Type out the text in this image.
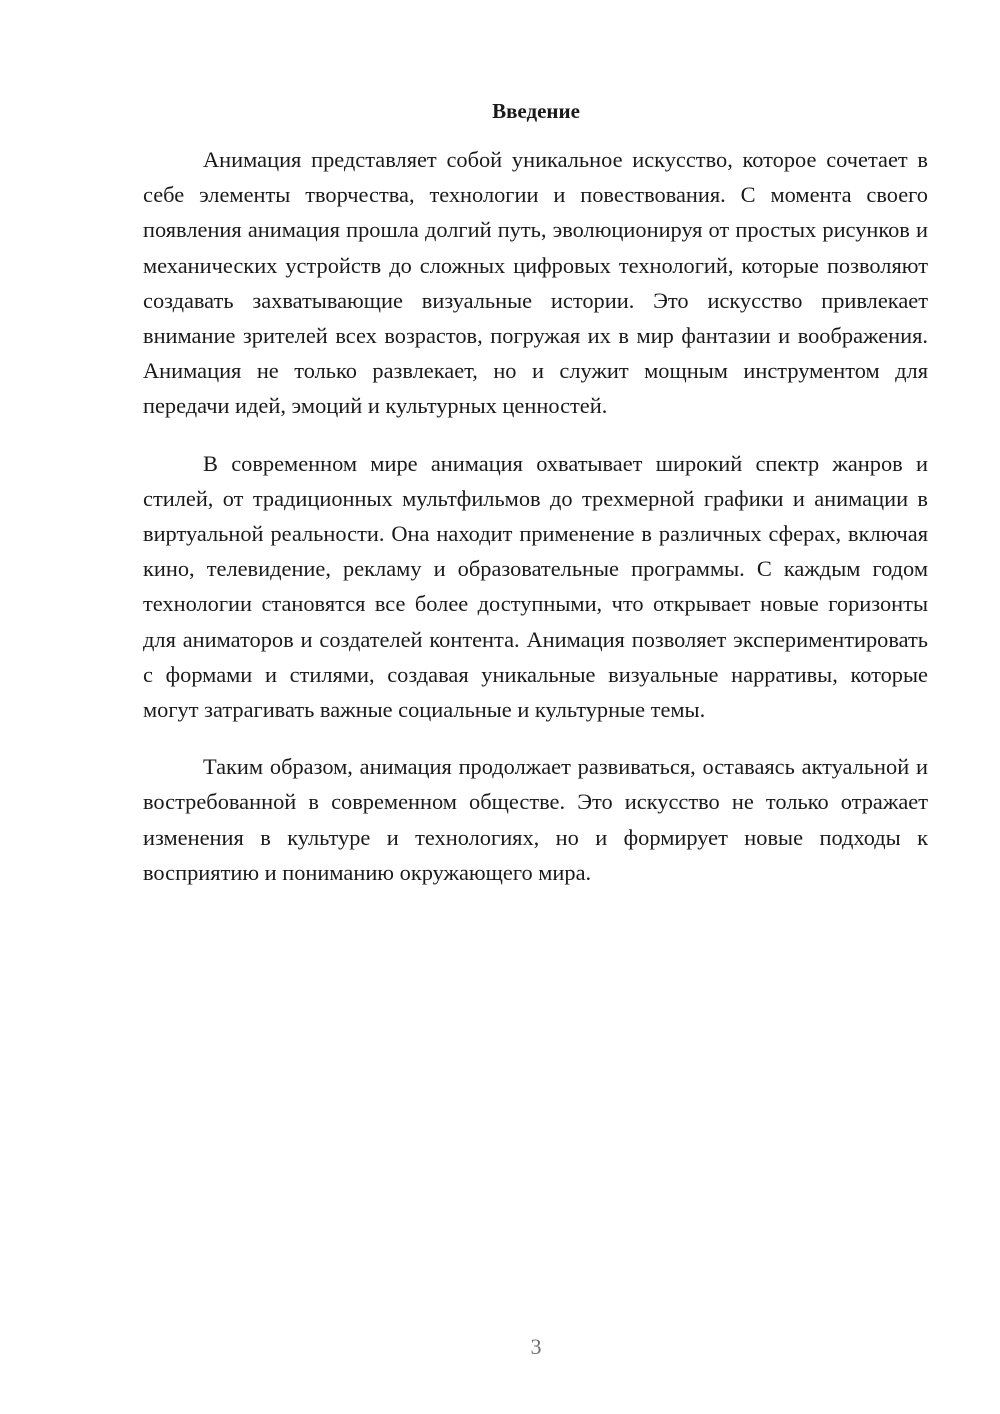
Введение

Анимация представляет собой уникальное искусство, которое сочетает в себе элементы творчества, технологии и повествования. С момента своего появления анимация прошла долгий путь, эволюционируя от простых рисунков и механических устройств до сложных цифровых технологий, которые позволяют создавать захватывающие визуальные истории. Это искусство привлекает внимание зрителей всех возрастов, погружая их в мир фантазии и воображения. Анимация не только развлекает, но и служит мощным инструментом для передачи идей, эмоций и культурных ценностей.

В современном мире анимация охватывает широкий спектр жанров и стилей, от традиционных мультфильмов до трехмерной графики и анимации в виртуальной реальности. Она находит применение в различных сферах, включая кино, телевидение, рекламу и образовательные программы. С каждым годом технологии становятся все более доступными, что открывает новые горизонты для аниматоров и создателей контента. Анимация позволяет экспериментировать с формами и стилями, создавая уникальные визуальные нарративы, которые могут затрагивать важные социальные и культурные темы.

Таким образом, анимация продолжает развиваться, оставаясь актуальной и востребованной в современном обществе. Это искусство не только отражает изменения в культуре и технологиях, но и формирует новые подходы к восприятию и пониманию окружающего мира.

3
